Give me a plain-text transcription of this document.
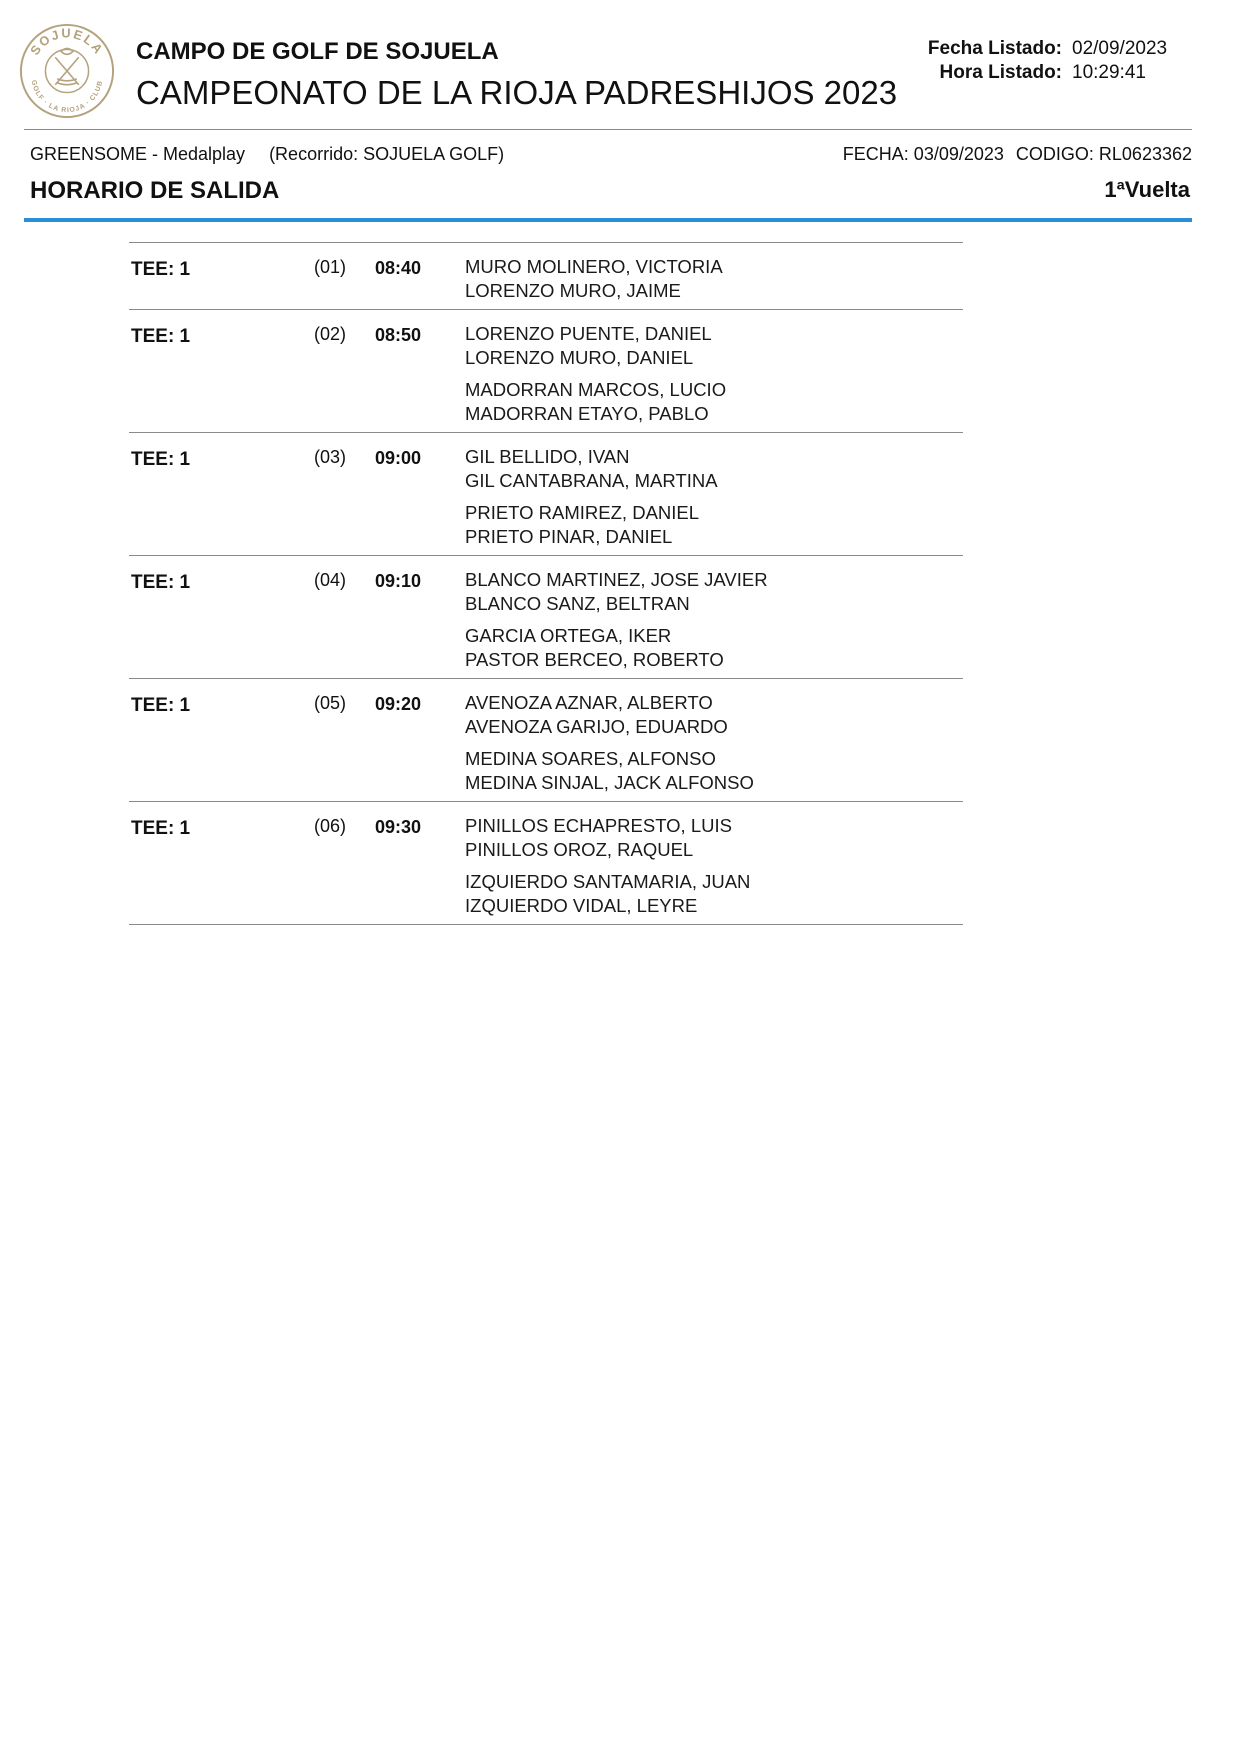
SOJUELA
GOLF · LA RIOJA · CLUB
CAMPO DE GOLF DE SOJUELA
CAMPEONATO DE LA RIOJA PADRESHIJOS 2023
Fecha Listado: 02/09/2023
Hora Listado: 10:29:41
GREENSOME - Medalplay (Recorrido: SOJUELA GOLF)	FECHA: 03/09/2023 CODIGO: RL0623362
HORARIO DE SALIDA	1ªVuelta
TEE: 1	(01) 08:40 MURO MOLINERO, VICTORIA
LORENZO MURO, JAIME
TEE: 1	(02) 08:50 LORENZO PUENTE, DANIEL
LORENZO MURO, DANIEL
MADORRAN MARCOS, LUCIO
MADORRAN ETAYO, PABLO
TEE: 1	(03) 09:00 GIL BELLIDO, IVAN
GIL CANTABRANA, MARTINA
PRIETO RAMIREZ, DANIEL
PRIETO PINAR, DANIEL
TEE: 1	(04) 09:10 BLANCO MARTINEZ, JOSE JAVIER
BLANCO SANZ, BELTRAN
GARCIA ORTEGA, IKER
PASTOR BERCEO, ROBERTO
TEE: 1	(05) 09:20 AVENOZA AZNAR, ALBERTO
AVENOZA GARIJO, EDUARDO
MEDINA SOARES, ALFONSO
MEDINA SINJAL, JACK ALFONSO
TEE: 1	(06) 09:30 PINILLOS ECHAPRESTO, LUIS
PINILLOS OROZ, RAQUEL
IZQUIERDO SANTAMARIA, JUAN
IZQUIERDO VIDAL, LEYRE
